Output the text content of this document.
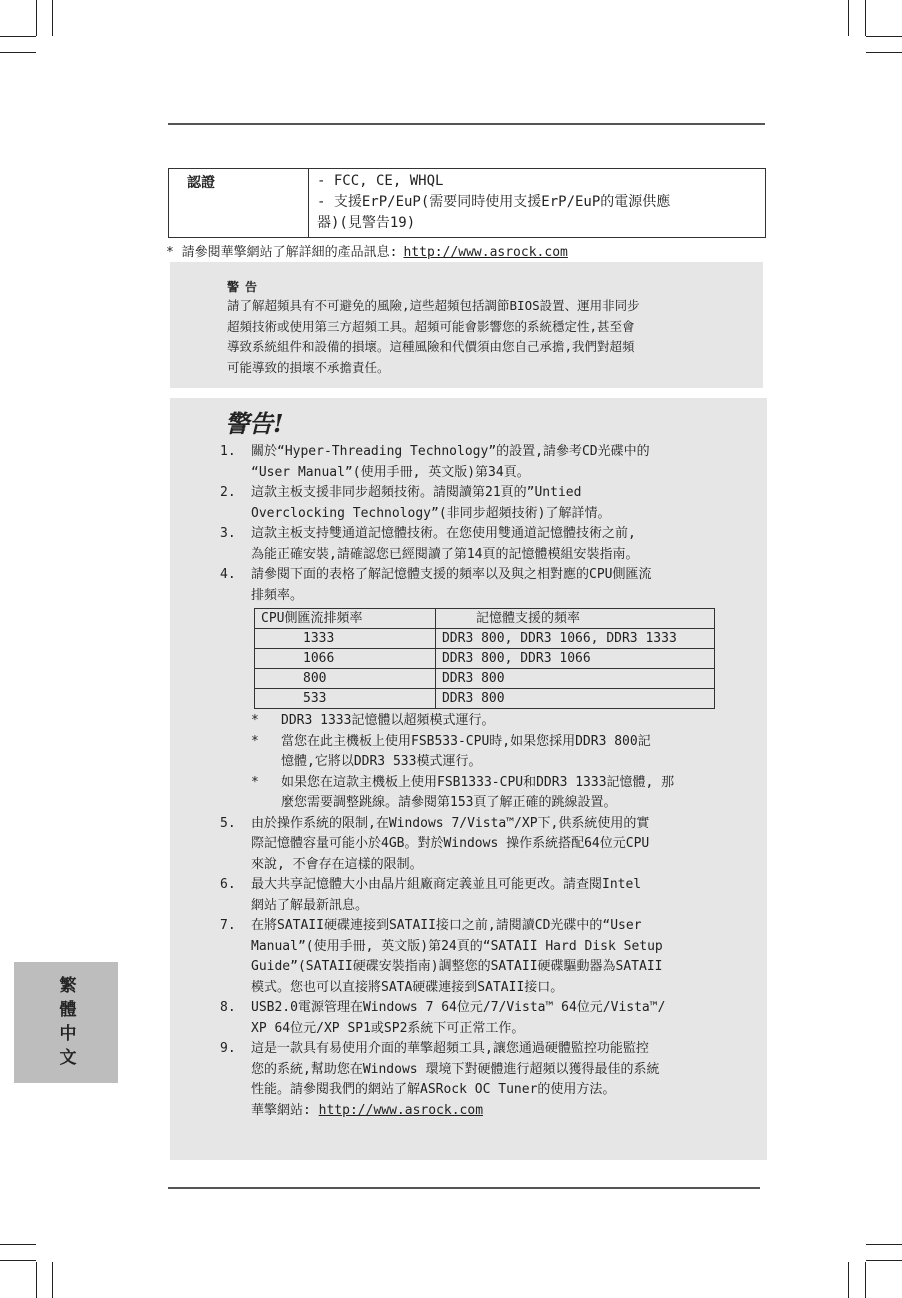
認證	- FCC, CE, WHQL
- 支援ErP/EuP(需要同時使用支援ErP/EuP的電源供應
器)(見警告19)
* 請參閱華擎網站了解詳細的產品訊息: http://www.asrock.com
警告
請了解超頻具有不可避免的風險,這些超頻包括調節BIOS設置、運用非同步
超頻技術或使用第三方超頻工具。超頻可能會影響您的系統穩定性,甚至會
導致系統組件和設備的損壞。這種風險和代價須由您自己承擔,我們對超頻
可能導致的損壞不承擔責任。
警告!
1. 關於“Hyper-Threading Technology”的設置,請參考CD光碟中的
“User Manual”(使用手冊, 英文版)第34頁。
2. 這款主板支援非同步超頻技術。請閱讀第21頁的”Untied
Overclocking Technology”(非同步超頻技術)了解詳情。
3. 這款主板支持雙通道記憶體技術。在您使用雙通道記憶體技術之前,
為能正確安裝,請確認您已經閱讀了第14頁的記憶體模組安裝指南。
4. 請參閱下面的表格了解記憶體支援的頻率以及與之相對應的CPU側匯流
排頻率。
CPU側匯流排頻率	記憶體支援的頻率
1333	DDR3 800, DDR3 1066, DDR3 1333
1066	DDR3 800, DDR3 1066
800	DDR3 800
533	DDR3 800
* DDR3 1333記憶體以超頻模式運行。
* 當您在此主機板上使用FSB533-CPU時,如果您採用DDR3 800記
憶體,它將以DDR3 533模式運行。
* 如果您在這款主機板上使用FSB1333-CPU和DDR3 1333記憶體, 那
麼您需要調整跳線。請參閱第153頁了解正確的跳線設置。
5. 由於操作系統的限制,在Windows 7/Vista™/XP下,供系統使用的實
際記憶體容量可能小於4GB。對於Windows 操作系統搭配64位元CPU
來說, 不會存在這樣的限制。
6. 最大共享記憶體大小由晶片組廠商定義並且可能更改。請查閱Intel
網站了解最新訊息。
7. 在將SATAII硬碟連接到SATAII接口之前,請閱讀CD光碟中的“User
Manual”(使用手冊, 英文版)第24頁的“SATAII Hard Disk Setup
Guide”(SATAII硬碟安裝指南)調整您的SATAII硬碟驅動器為SATAII
模式。您也可以直接將SATA硬碟連接到SATAII接口。
8. USB2.0電源管理在Windows 7 64位元/7/Vista™ 64位元/Vista™/
XP 64位元/XP SP1或SP2系統下可正常工作。
9. 這是一款具有易使用介面的華擎超頻工具,讓您通過硬體監控功能監控
您的系統,幫助您在Windows 環境下對硬體進行超頻以獲得最佳的系統
性能。請參閱我們的網站了解ASRock OC Tuner的使用方法。
華擎網站: http://www.asrock.com
繁
體
中
文
